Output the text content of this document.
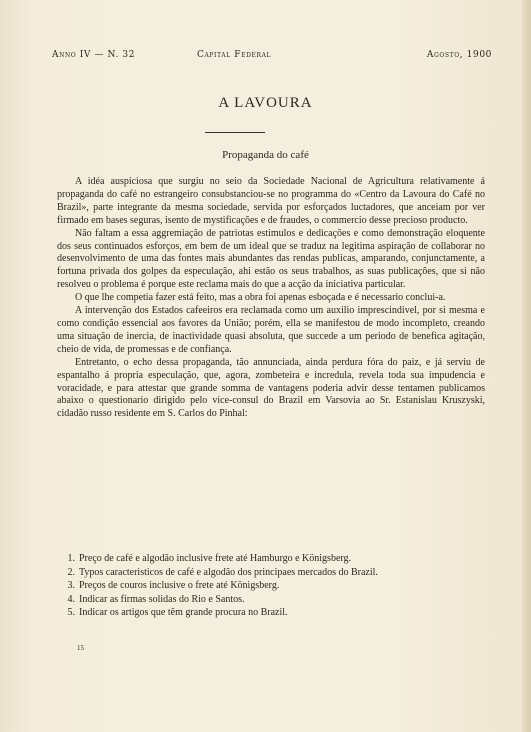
Anno IV — N. 32	Capital Federal	Agosto, 1900
A LAVOURA
Propaganda do café

A idéa auspiciosa que surgiu no seio da Sociedade Nacional de Agricultura relativamente á propaganda do café no estrangeiro consubstanciou-se no programma do «Centro da Lavoura do Café no Brazil», parte integrante da mesma sociedade, servida por esforçados luctadores, que anceiam por ver firmado em bases seguras, isento de mystificações e de fraudes, o commercio desse precioso producto.

Não faltam a essa aggremiação de patriotas estimulos e dedicações e como demonstração eloquente dos seus continuados esforços, em bem de um ideal que se traduz na legitima aspiração de collaborar no desenvolvimento de uma das fontes mais abundantes das rendas publicas, amparando, conjunctamente, a fortuna privada dos golpes da especulação, ahi estão os seus trabalhos, as suas publicações, que si não resolveu o problema é porque este reclama mais do que a acção da iniciativa particular.

O que lhe competia fazer está feito, mas a obra foi apenas esboçada e é necessario conclui-a.

A intervenção dos Estados cafeeiros era reclamada como um auxilio imprescindivel, por si mesma e como condição essencial aos favores da União; porém, ella se manifestou de modo incompleto, creando uma situação de inercia, de inactividade quasi absoluta, que succede a um periodo de benefica agitação, cheio de vida, de promessas e de confiança.

Entretanto, o echo dessa propaganda, tão annunciada, ainda perdura fóra do paiz, e já serviu de espantalho á propria especulação, que, agora, zombeteira e incredula, revela toda sua impudencia e voracidade, e para attestar que grande somma de vantagens poderia advir desse tentamen publicamos abaixo o questionario dirigido pelo vice-consul do Brazil em Varsovia ao Sr. Estanislau Kruszyski, cidadão russo residente em S. Carlos do Pinhal:

1. Preço de café e algodão inclusive frete até Hamburgo e Königsberg.
2. Typos caracteristicos de café e algodão dos principaes mercados do Brazil.
3. Preços de couros inclusive o frete até Königsberg.
4. Indicar as firmas solidas do Rio e Santos.
5. Indicar os artigos que têm grande procura no Brazil.
15
